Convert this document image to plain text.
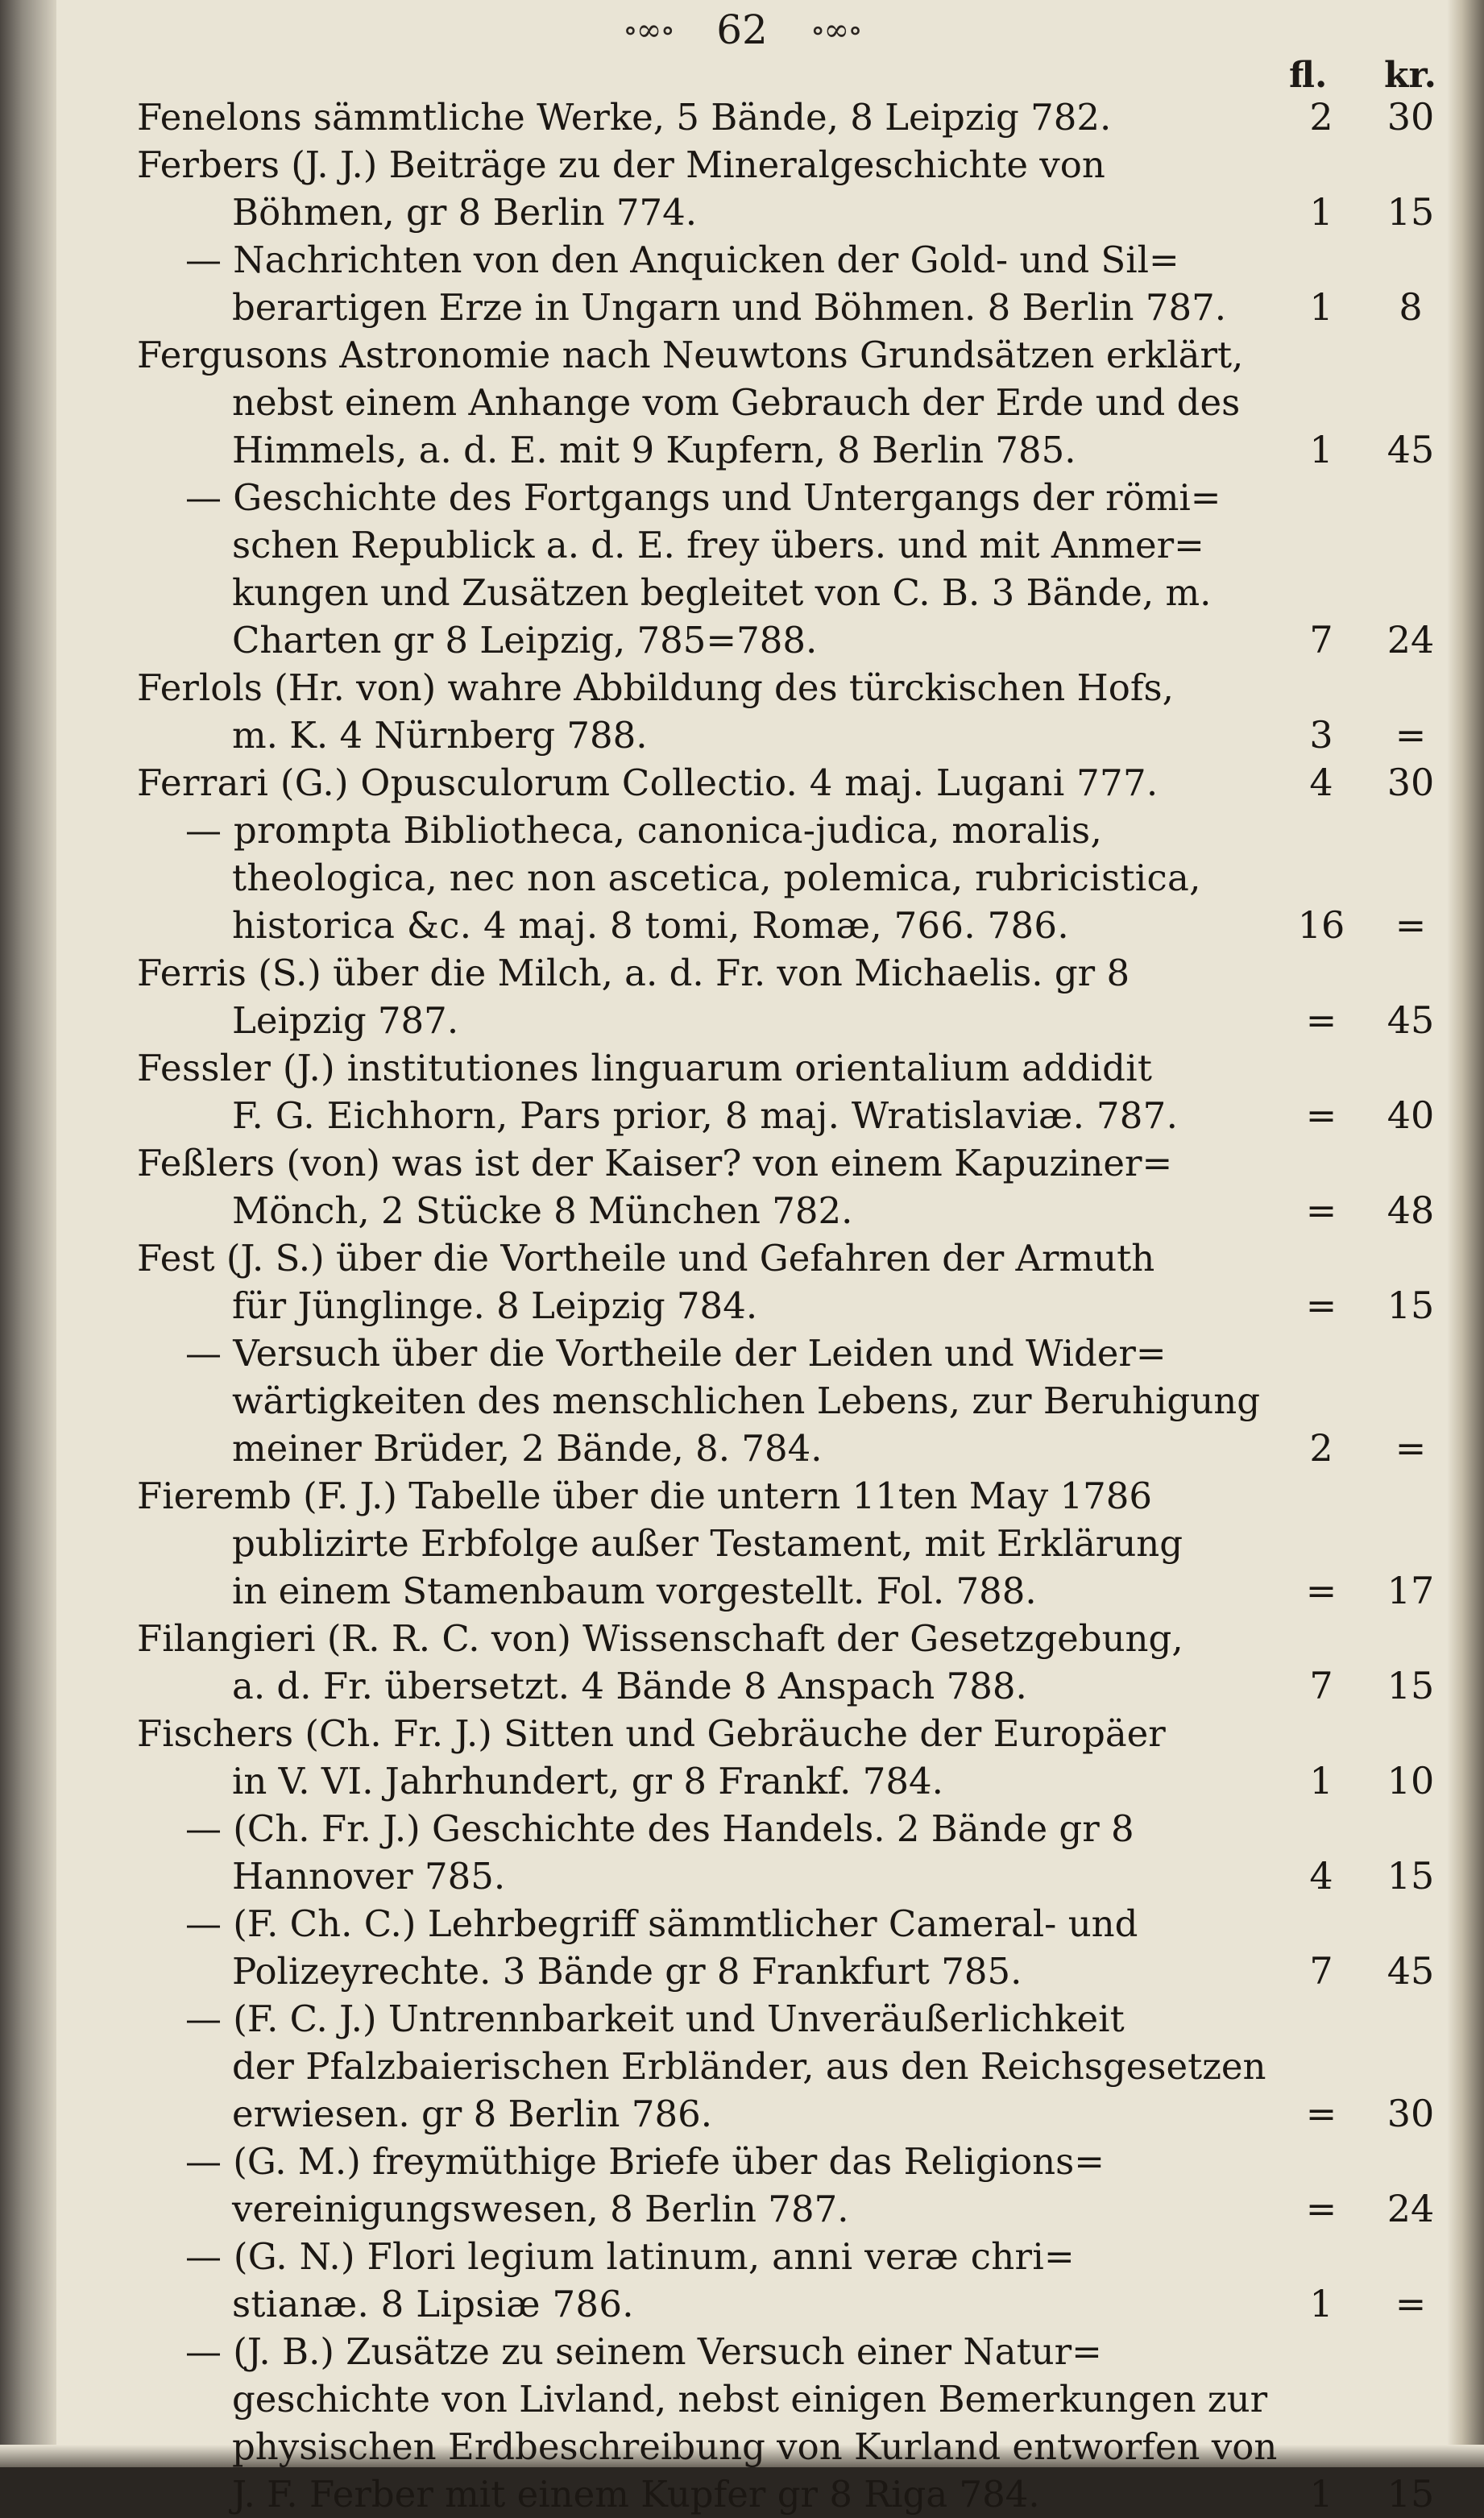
∘∞∘ 62 ∘∞∘
fl. kr.
Fenelons sämmtliche Werke, 5 Bände, 8 Leipzig 782.	2	30
Ferbers (J. J.) Beiträge zu der Mineralgeschichte von
Böhmen, gr 8 Berlin 774.	1	15
— Nachrichten von den Anquicken der Gold- und Sil=
berartigen Erze in Ungarn und Böhmen. 8 Berlin 787.	1	8
Fergusons Astronomie nach Neuwtons Grundsätzen erklärt,
nebst einem Anhange vom Gebrauch der Erde und des
Himmels, a. d. E. mit 9 Kupfern, 8 Berlin 785.	1	45
— Geschichte des Fortgangs und Untergangs der römi=
schen Republick a. d. E. frey übers. und mit Anmer=
kungen und Zusätzen begleitet von C. B. 3 Bände, m.
Charten gr 8 Leipzig, 785=788.	7	24
Ferlols (Hr. von) wahre Abbildung des türckischen Hofs,
m. K. 4 Nürnberg 788.	3	=
Ferrari (G.) Opusculorum Collectio. 4 maj. Lugani 777.	4	30
— prompta Bibliotheca, canonica-judica, moralis,
theologica, nec non ascetica, polemica, rubricistica,
historica &c. 4 maj. 8 tomi, Romæ, 766. 786.	16	=
Ferris (S.) über die Milch, a. d. Fr. von Michaelis. gr 8
Leipzig 787.	=	45
Fessler (J.) institutiones linguarum orientalium addidit
F. G. Eichhorn, Pars prior, 8 maj. Wratislaviæ. 787.	=	40
Feßlers (von) was ist der Kaiser? von einem Kapuziner=
Mönch, 2 Stücke 8 München 782.	=	48
Fest (J. S.) über die Vortheile und Gefahren der Armuth
für Jünglinge. 8 Leipzig 784.	=	15
— Versuch über die Vortheile der Leiden und Wider=
wärtigkeiten des menschlichen Lebens, zur Beruhigung
meiner Brüder, 2 Bände, 8. 784.	2	=
Fieremb (F. J.) Tabelle über die untern 11ten May 1786
publizirte Erbfolge außer Testament, mit Erklärung
in einem Stamenbaum vorgestellt. Fol. 788.	=	17
Filangieri (R. R. C. von) Wissenschaft der Gesetzgebung,
a. d. Fr. übersetzt. 4 Bände 8 Anspach 788.	7	15
Fischers (Ch. Fr. J.) Sitten und Gebräuche der Europäer
in V. VI. Jahrhundert, gr 8 Frankf. 784.	1	10
— (Ch. Fr. J.) Geschichte des Handels. 2 Bände gr 8
Hannover 785.	4	15
— (F. Ch. C.) Lehrbegriff sämmtlicher Cameral- und
Polizeyrechte. 3 Bände gr 8 Frankfurt 785.	7	45
— (F. C. J.) Untrennbarkeit und Unveräußerlichkeit
der Pfalzbaierischen Erbländer, aus den Reichsgesetzen
erwiesen. gr 8 Berlin 786.	=	30
— (G. M.) freymüthige Briefe über das Religions=
vereinigungswesen, 8 Berlin 787.	=	24
— (G. N.) Flori legium latinum, anni veræ chri=
stianæ. 8 Lipsiæ 786.	1	=
— (J. B.) Zusätze zu seinem Versuch einer Natur=
geschichte von Livland, nebst einigen Bemerkungen zur
physischen Erdbeschreibung von Kurland entworfen von
J. F. Ferber mit einem Kupfer gr 8 Riga 784.	1	15
